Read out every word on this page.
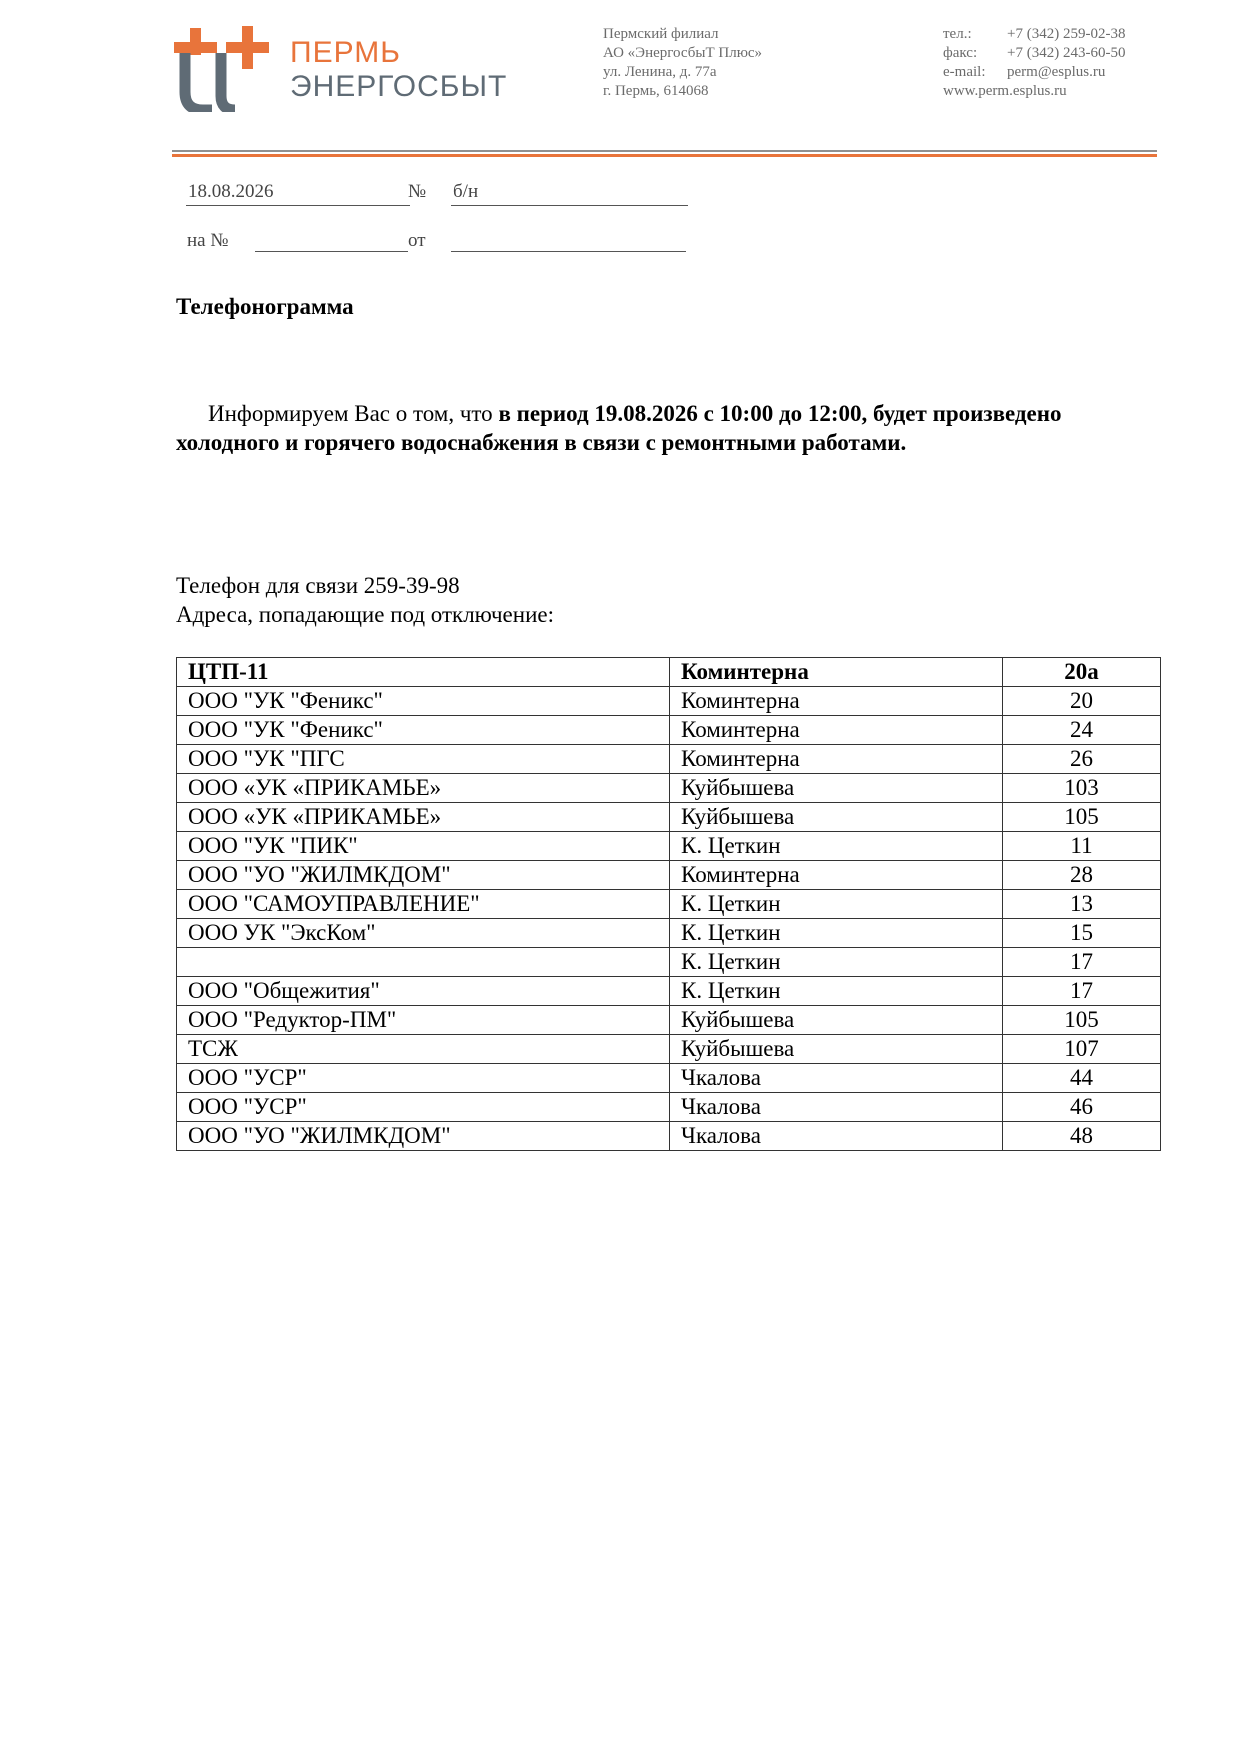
ПЕРМЬ
ЭНЕРГОСБЫТ
Пермский филиал
АО «ЭнергосбыТ Плюс»
ул. Ленина, д. 77а
г. Пермь, 614068
тел.: +7 (342) 259-02-38
факс: +7 (342) 243-60-50
e-mail: perm@esplus.ru
www.perm.esplus.ru
18.08.2026	№ б/н
на №	от
Телефонограмма
Информируем Вас о том, что в период 19.08.2026 с 10:00 до 12:00, будет произведено холодного и горячего водоснабжения в связи с ремонтными работами.
Телефон для связи 259-39-98
Адреса, попадающие под отключение:
ЦТП-11	Коминтерна	20а
ООО "УК "Феникс"	Коминтерна	20
ООО "УК "Феникс"	Коминтерна	24
ООО "УК "ПГС	Коминтерна	26
ООО «УК «ПРИКАМЬЕ»	Куйбышева	103
ООО «УК «ПРИКАМЬЕ»	Куйбышева	105
ООО "УК "ПИК"	К. Цеткин	11
ООО "УО "ЖИЛМКДОМ"	Коминтерна	28
ООО "САМОУПРАВЛЕНИЕ"	К. Цеткин	13
ООО УК "ЭксКом"	К. Цеткин	15
	К. Цеткин	17
ООО "Общежития"	К. Цеткин	17
ООО "Редуктор-ПМ"	Куйбышева	105
ТСЖ	Куйбышева	107
ООО "УСР"	Чкалова	44
ООО "УСР"	Чкалова	46
ООО "УО "ЖИЛМКДОМ"	Чкалова	48
